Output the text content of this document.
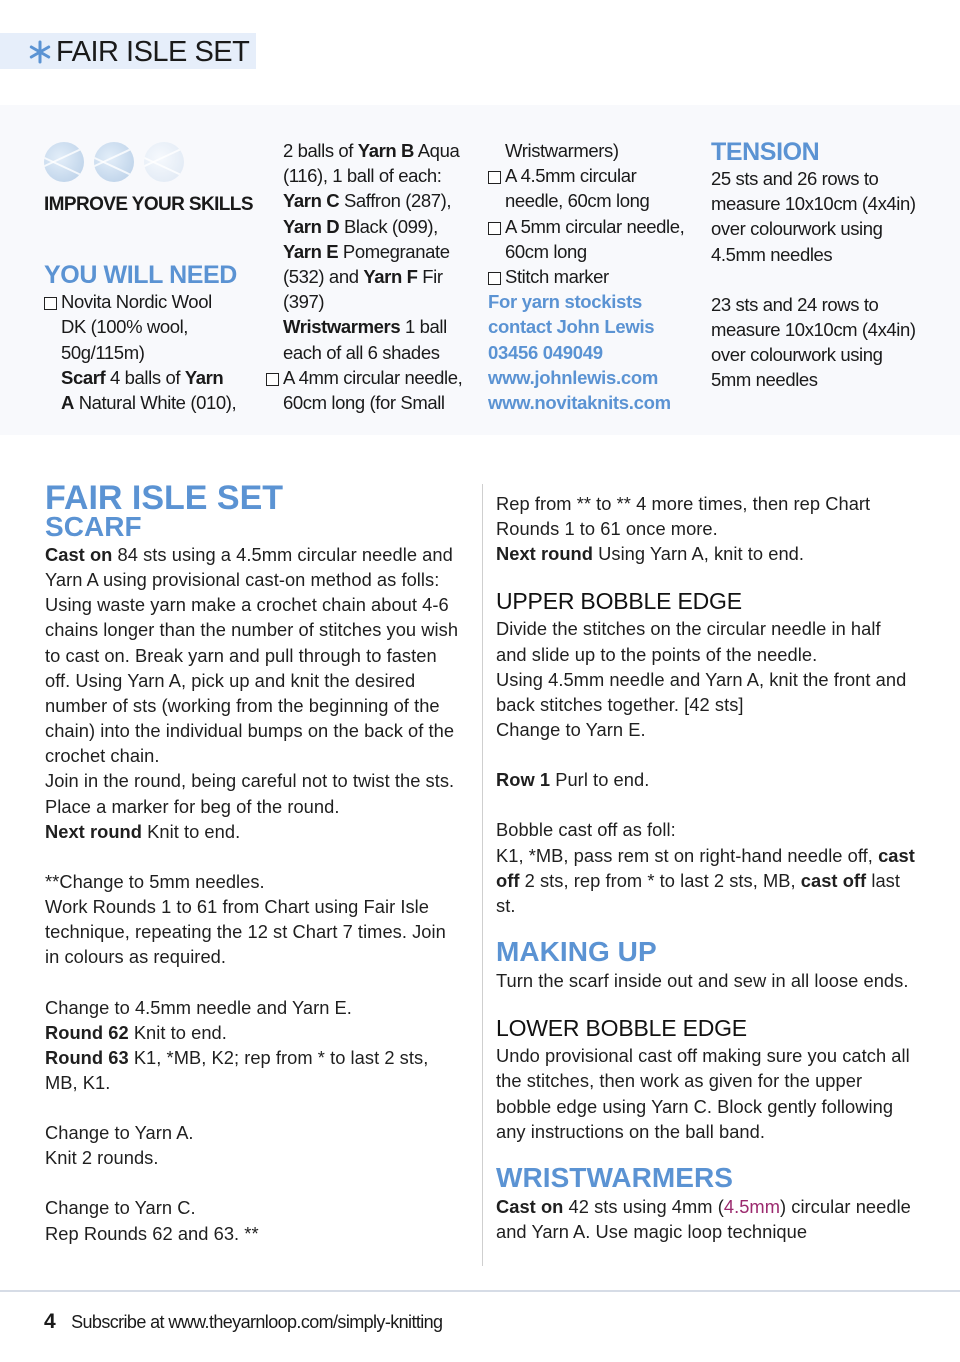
FAIR ISLE SET
IMPROVE YOUR SKILLS
YOU WILL NEED
Novita Nordic Wool
DK (100% wool,
50g/115m)
Scarf 4 balls of Yarn
A Natural White (010),
2 balls of Yarn B Aqua
(116), 1 ball of each:
Yarn C Saffron (287),
Yarn D Black (099),
Yarn E Pomegranate
(532) and Yarn F Fir
(397)
Wristwarmers 1 ball
each of all 6 shades
A 4mm circular needle,
60cm long (for Small
Wristwarmers)
A 4.5mm circular
needle, 60cm long
A 5mm circular needle,
60cm long
Stitch marker
For yarn stockists
contact John Lewis
03456 049049
www.johnlewis.com
www.novitaknits.com
TENSION
25 sts and 26 rows to
measure 10x10cm (4x4in)
over colourwork using
4.5mm needles
23 sts and 24 rows to
measure 10x10cm (4x4in)
over colourwork using
5mm needles
FAIR ISLE SET
SCARF
Cast on 84 sts using a 4.5mm circular needle and Yarn A using provisional cast-on method as folls:
Using waste yarn make a crochet chain about 4-6 chains longer than the number of stitches you wish to cast on. Break yarn and pull through to fasten off. Using Yarn A, pick up and knit the desired number of sts (working from the beginning of the chain) into the individual bumps on the back of the crochet chain.
Join in the round, being careful not to twist the sts. Place a marker for beg of the round.
Next round Knit to end.
**Change to 5mm needles.
Work Rounds 1 to 61 from Chart using Fair Isle technique, repeating the 12 st Chart 7 times. Join in colours as required.
Change to 4.5mm needle and Yarn E.
Round 62 Knit to end.
Round 63 K1, *MB, K2; rep from * to last 2 sts, MB, K1.
Change to Yarn A.
Knit 2 rounds.
Change to Yarn C.
Rep Rounds 62 and 63. **
Rep from ** to ** 4 more times, then rep Chart Rounds 1 to 61 once more.
Next round Using Yarn A, knit to end.
UPPER BOBBLE EDGE
Divide the stitches on the circular needle in half and slide up to the points of the needle.
Using 4.5mm needle and Yarn A, knit the front and back stitches together. [42 sts]
Change to Yarn E.
Row 1 Purl to end.
Bobble cast off as foll:
K1, *MB, pass rem st on right-hand needle off, cast off 2 sts, rep from * to last 2 sts, MB, cast off last st.
MAKING UP
Turn the scarf inside out and sew in all loose ends.
LOWER BOBBLE EDGE
Undo provisional cast off making sure you catch all the stitches, then work as given for the upper bobble edge using Yarn C. Block gently following any instructions on the ball band.
WRISTWARMERS
Cast on 42 sts using 4mm (4.5mm) circular needle and Yarn A. Use magic loop technique
4 Subscribe at www.theyarnloop.com/simply-knitting
